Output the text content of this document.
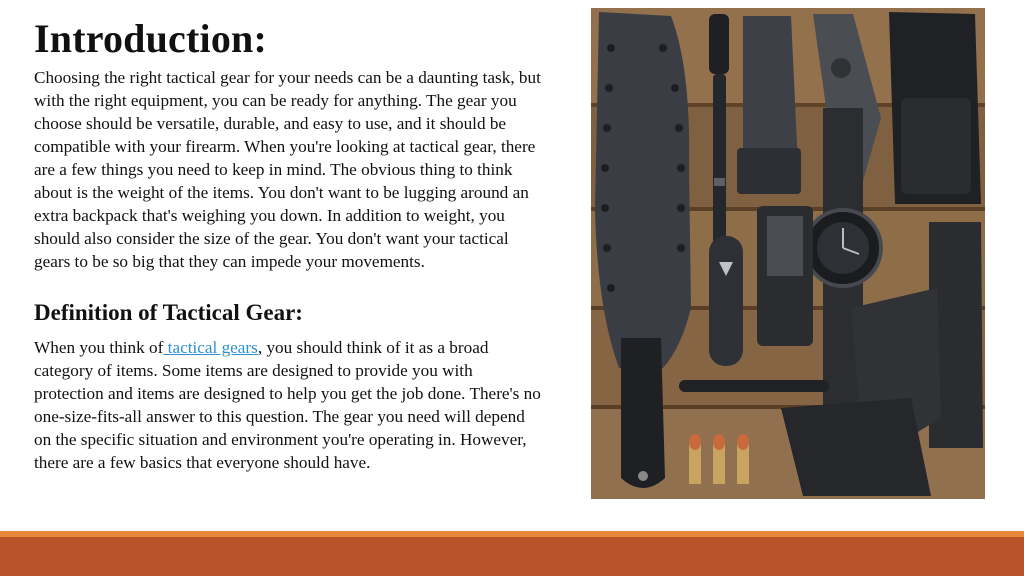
Introduction:

Choosing the right tactical gear for your needs can be a daunting task, but with the right equipment, you can be ready for anything. The gear you choose should be versatile, durable, and easy to use, and it should be compatible with your firearm. When you're looking at tactical gear, there are a few things you need to keep in mind. The obvious thing to think about is the weight of the items. You don't want to be lugging around an extra backpack that's weighing you down. In addition to weight, you should also consider the size of the gear. You don't want your tactical gears to be so big that they can impede your movements.

Definition of Tactical Gear:

When you think of tactical gears, you should think of it as a broad category of items. Some items are designed to provide you with protection and items are designed to help you get the job done. There's no one-size-fits-all answer to this question. The gear you need will depend on the specific situation and environment you're operating in. However, there are a few basics that everyone should have.
